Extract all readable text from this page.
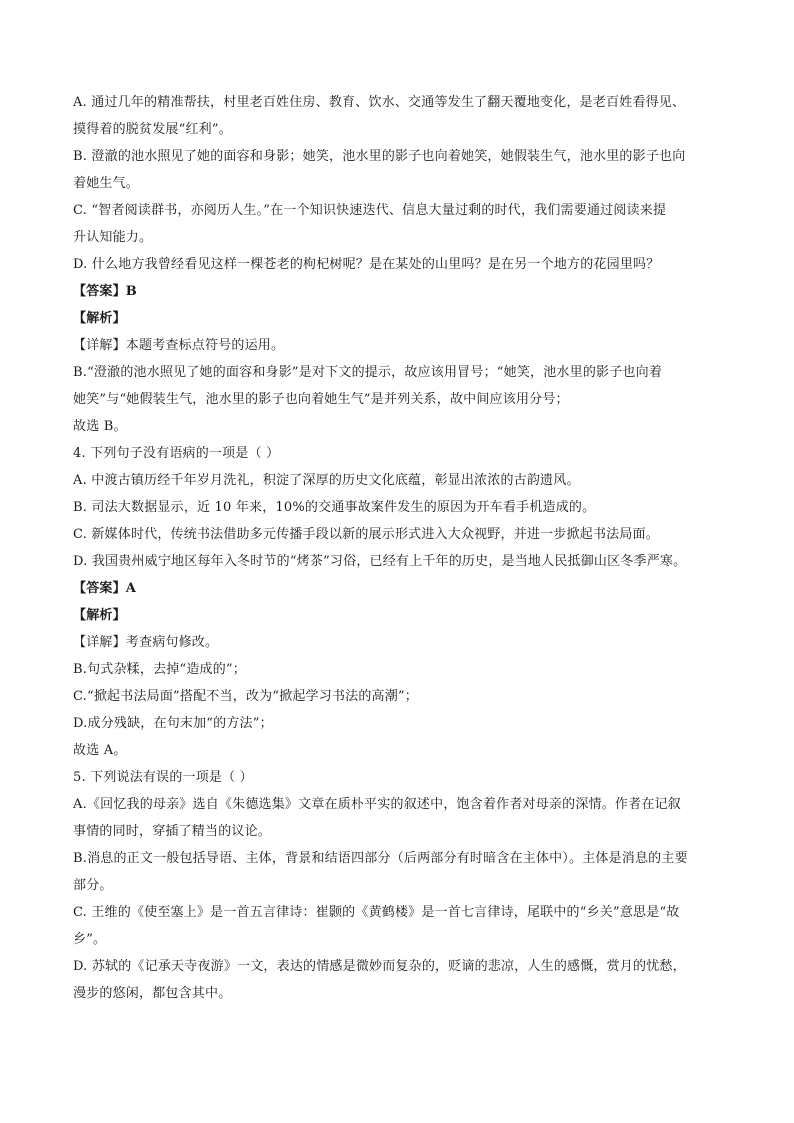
A. 通过几年的精准帮扶，村里老百姓住房、教育、饮水、交通等发生了翻天覆地变化，是老百姓看得见、
摸得着的脱贫发展“红利”。
B. 澄澈的池水照见了她的面容和身影；她笑，池水里的影子也向着她笑，她假装生气，池水里的影子也向
着她生气。
C. “智者阅读群书，亦阅历人生。”在一个知识快速迭代、信息大量过剩的时代，我们需要通过阅读来提
升认知能力。
D. 什么地方我曾经看见这样一棵苍老的枸杞树呢？是在某处的山里吗？是在另一个地方的花园里吗？
【答案】B
【解析】
【详解】本题考查标点符号的运用。
B.“澄澈的池水照见了她的面容和身影”是对下文的提示，故应该用冒号；“她笑，池水里的影子也向着
她笑”与“她假装生气，池水里的影子也向着她生气”是并列关系，故中间应该用分号；
故选 B。
4. 下列句子没有语病的一项是（ ）
A. 中渡古镇历经千年岁月洗礼，积淀了深厚的历史文化底蕴，彰显出浓浓的古韵遗风。
B. 司法大数据显示，近 10 年来，10%的交通事故案件发生的原因为开车看手机造成的。
C. 新媒体时代，传统书法借助多元传播手段以新的展示形式进入大众视野，并进一步掀起书法局面。
D. 我国贵州威宁地区每年入冬时节的“烤茶”习俗，已经有上千年的历史，是当地人民抵御山区冬季严寒。
【答案】A
【解析】
【详解】考查病句修改。
B.句式杂糅，去掉“造成的”；
C.“掀起书法局面”搭配不当，改为“掀起学习书法的高潮”；
D.成分残缺，在句末加“的方法”；
故选 A。
5. 下列说法有误的一项是（ ）
A.《回忆我的母亲》选自《朱德选集》文章在质朴平实的叙述中，饱含着作者对母亲的深情。作者在记叙
事情的同时，穿插了精当的议论。
B.消息的正文一般包括导语、主体，背景和结语四部分（后两部分有时暗含在主体中）。主体是消息的主要
部分。
C. 王维的《使至塞上》是一首五言律诗：崔颢的《黄鹤楼》是一首七言律诗，尾联中的“乡关”意思是“故
乡”。
D. 苏轼的《记承天寺夜游》一文，表达的情感是微妙而复杂的，贬谪的悲凉，人生的感慨，赏月的忧愁，
漫步的悠闲，都包含其中。
